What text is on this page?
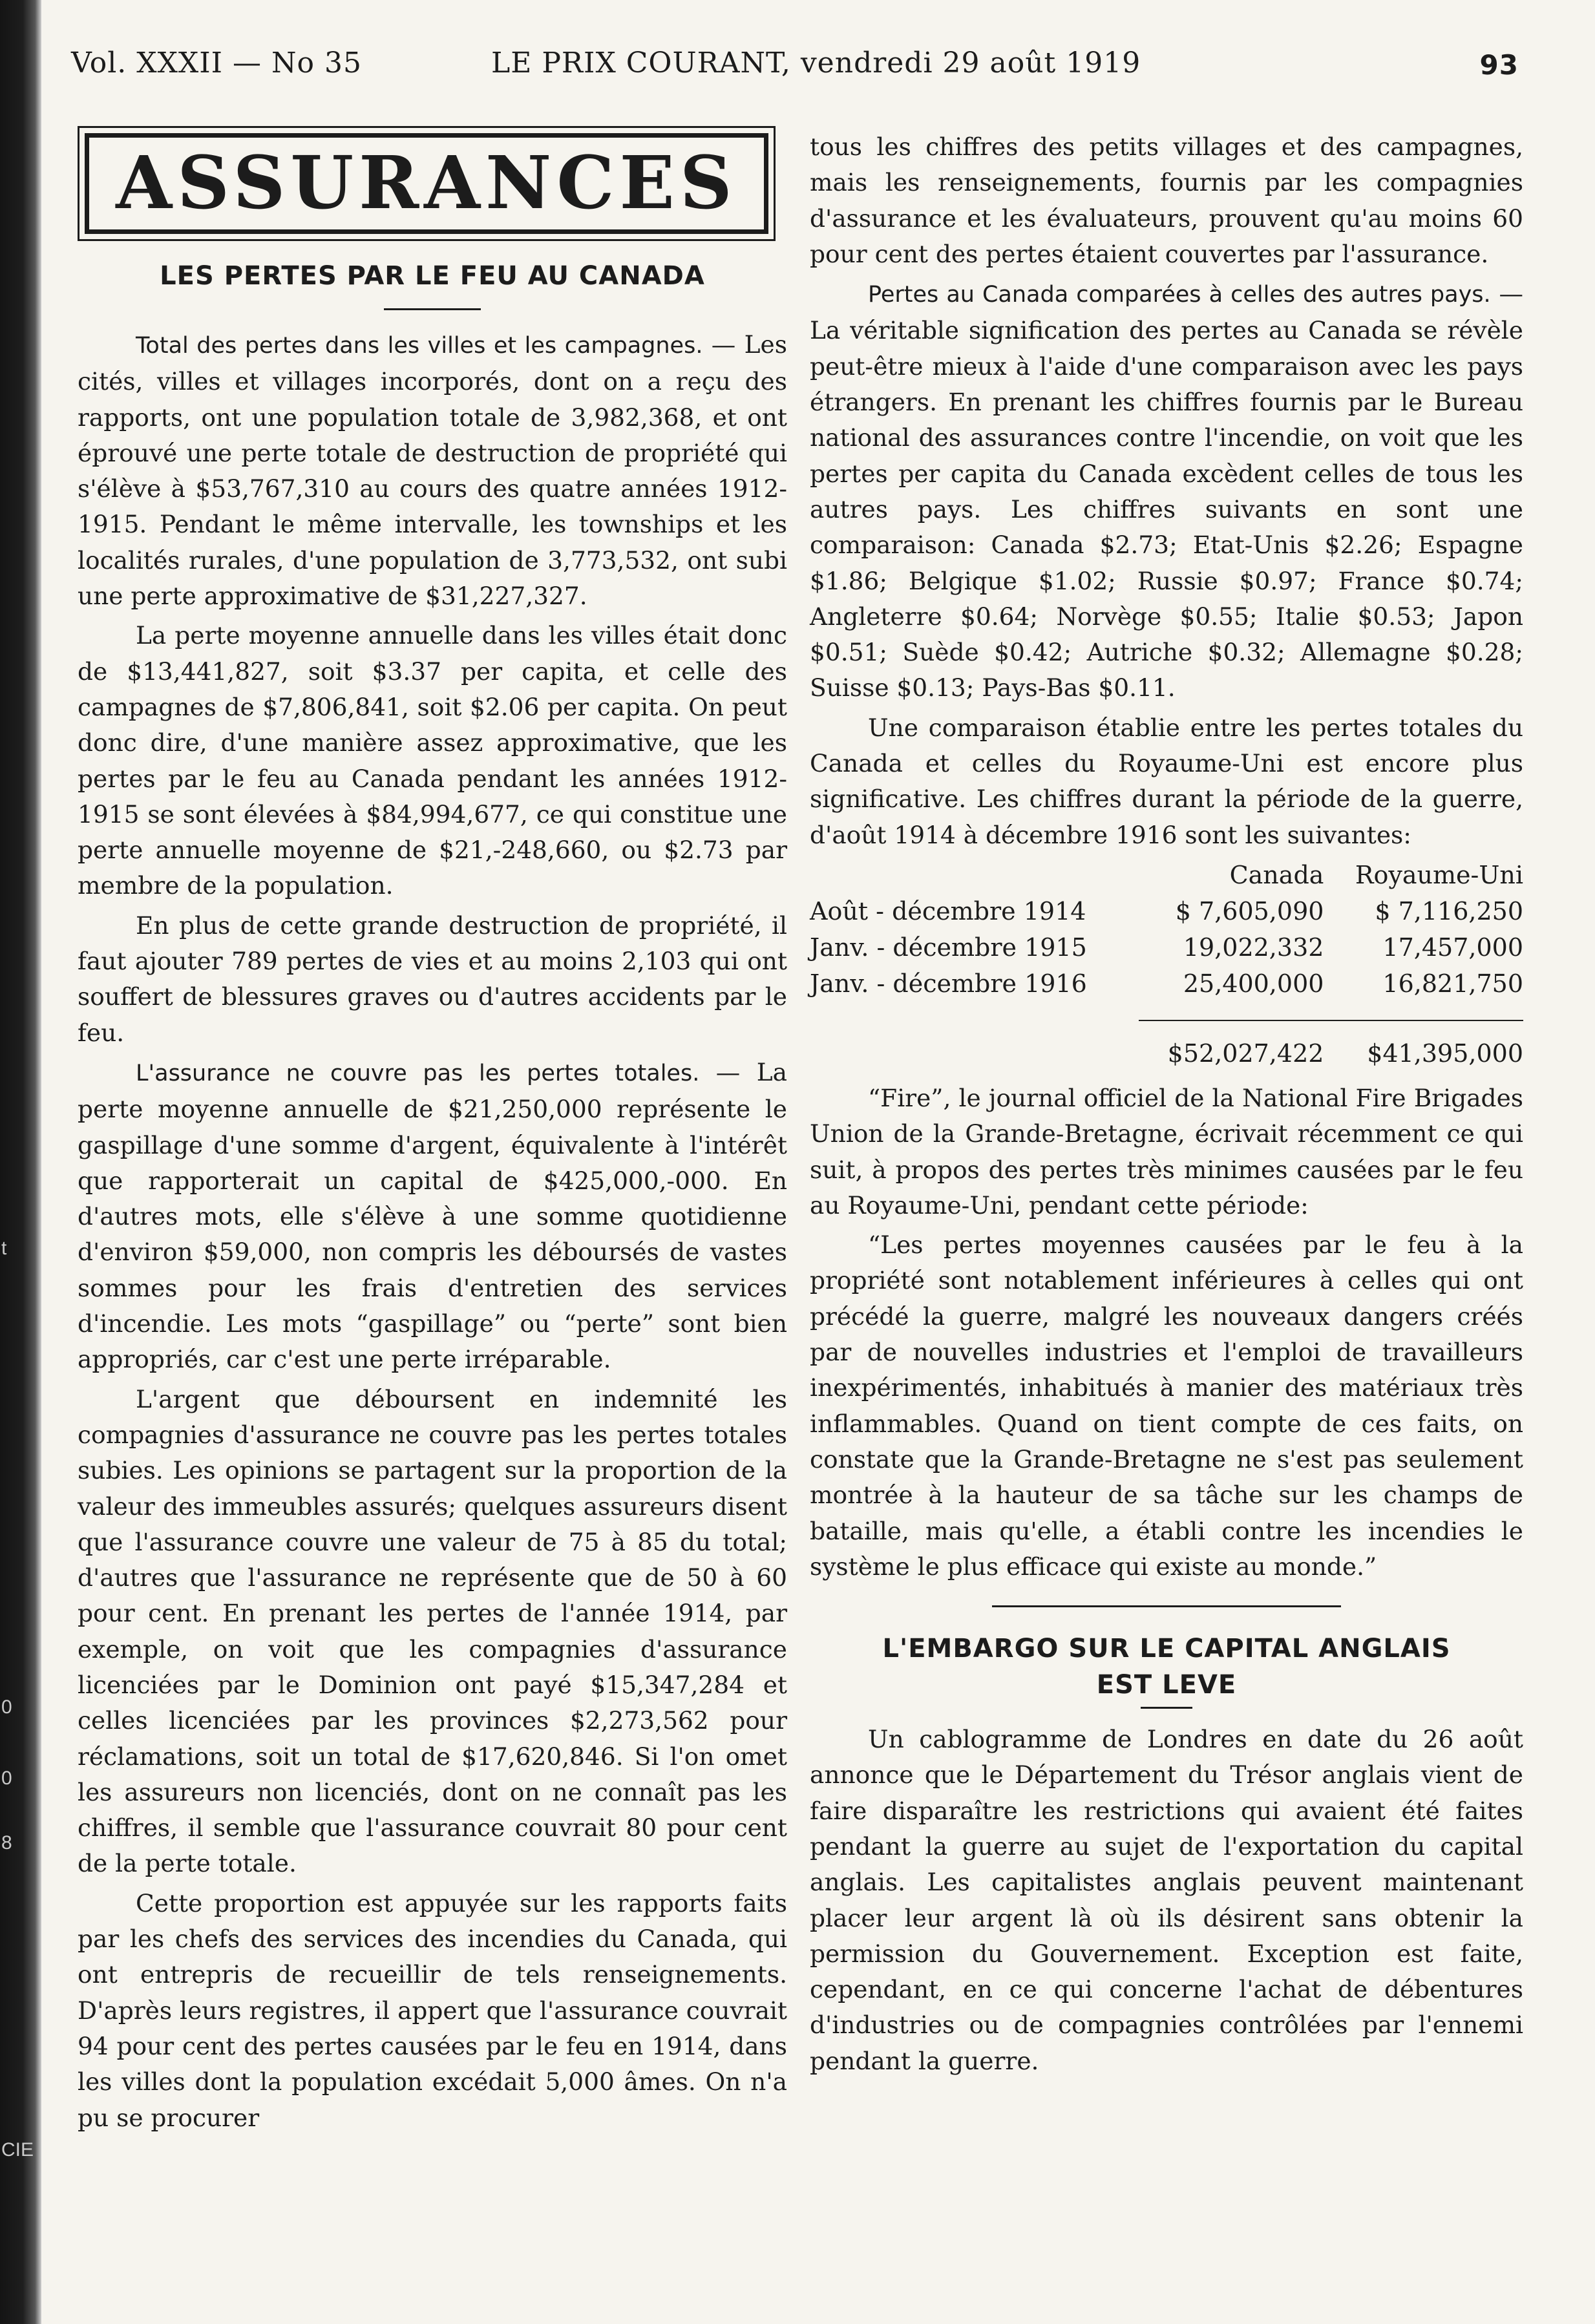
t
0
0
8
CIE
Vol. XXXII — No 35	LE PRIX COURANT, vendredi 29 août 1919	93
ASSURANCES
LES PERTES PAR LE FEU AU CANADA

Total des pertes dans les villes et les campagnes. — Les cités, villes et villages incorporés, dont on a reçu des rapports, ont une population totale de 3,982,368, et ont éprouvé une perte totale de destruction de propriété qui s'élève à $53,767,310 au cours des quatre années 1912-1915. Pendant le même intervalle, les townships et les localités rurales, d'une population de 3,773,532, ont subi une perte approximative de $31,227,327.

La perte moyenne annuelle dans les villes était donc de $13,441,827, soit $3.37 per capita, et celle des campagnes de $7,806,841, soit $2.06 per capita. On peut donc dire, d'une manière assez approximative, que les pertes par le feu au Canada pendant les années 1912-1915 se sont élevées à $84,994,677, ce qui constitue une perte annuelle moyenne de $21,-248,660, ou $2.73 par membre de la population.

En plus de cette grande destruction de propriété, il faut ajouter 789 pertes de vies et au moins 2,103 qui ont souffert de blessures graves ou d'autres accidents par le feu.

L'assurance ne couvre pas les pertes totales. — La perte moyenne annuelle de $21,250,000 représente le gaspillage d'une somme d'argent, équivalente à l'intérêt que rapporterait un capital de $425,000,-000. En d'autres mots, elle s'élève à une somme quotidienne d'environ $59,000, non compris les déboursés de vastes sommes pour les frais d'entretien des services d'incendie. Les mots “gaspillage” ou “perte” sont bien appropriés, car c'est une perte irréparable.

L'argent que déboursent en indemnité les compagnies d'assurance ne couvre pas les pertes totales subies. Les opinions se partagent sur la proportion de la valeur des immeubles assurés; quelques assureurs disent que l'assurance couvre une valeur de 75 à 85 du total; d'autres que l'assurance ne représente que de 50 à 60 pour cent. En prenant les pertes de l'année 1914, par exemple, on voit que les compagnies d'assurance licenciées par le Dominion ont payé $15,347,284 et celles licenciées par les provinces $2,273,562 pour réclamations, soit un total de $17,620,846. Si l'on omet les assureurs non licenciés, dont on ne connaît pas les chiffres, il semble que l'assurance couvrait 80 pour cent de la perte totale.

Cette proportion est appuyée sur les rapports faits par les chefs des services des incendies du Canada, qui ont entrepris de recueillir de tels renseignements. D'après leurs registres, il appert que l'assurance couvrait 94 pour cent des pertes causées par le feu en 1914, dans les villes dont la population excédait 5,000 âmes. On n'a pu se procurer

tous les chiffres des petits villages et des campagnes, mais les renseignements, fournis par les compagnies d'assurance et les évaluateurs, prouvent qu'au moins 60 pour cent des pertes étaient couvertes par l'assurance.

Pertes au Canada comparées à celles des autres pays. — La véritable signification des pertes au Canada se révèle peut-être mieux à l'aide d'une comparaison avec les pays étrangers. En prenant les chiffres fournis par le Bureau national des assurances contre l'incendie, on voit que les pertes per capita du Canada excèdent celles de tous les autres pays. Les chiffres suivants en sont une comparaison: Canada $2.73; Etat-Unis $2.26; Espagne $1.86; Belgique $1.02; Russie $0.97; France $0.74; Angleterre $0.64; Norvège $0.55; Italie $0.53; Japon $0.51; Suède $0.42; Autriche $0.32; Allemagne $0.28; Suisse $0.13; Pays-Bas $0.11.

Une comparaison établie entre les pertes totales du Canada et celles du Royaume-Uni est encore plus significative. Les chiffres durant la période de la guerre, d'août 1914 à décembre 1916 sont les suivantes:

	Canada	Royaume-Uni
Août - décembre 1914	$ 7,605,090	$ 7,116,250
Janv. - décembre 1915	19,022,332	17,457,000
Janv. - décembre 1916	25,400,000	16,821,750

	$52,027,422	$41,395,000

“Fire”, le journal officiel de la National Fire Brigades Union de la Grande-Bretagne, écrivait récemment ce qui suit, à propos des pertes très minimes causées par le feu au Royaume-Uni, pendant cette période:

“Les pertes moyennes causées par le feu à la propriété sont notablement inférieures à celles qui ont précédé la guerre, malgré les nouveaux dangers créés par de nouvelles industries et l'emploi de travailleurs inexpérimentés, inhabitués à manier des matériaux très inflammables. Quand on tient compte de ces faits, on constate que la Grande-Bretagne ne s'est pas seulement montrée à la hauteur de sa tâche sur les champs de bataille, mais qu'elle, a établi contre les incendies le système le plus efficace qui existe au monde.”

L'EMBARGO SUR LE CAPITAL ANGLAIS
EST LEVE

Un cablogramme de Londres en date du 26 août annonce que le Département du Trésor anglais vient de faire disparaître les restrictions qui avaient été faites pendant la guerre au sujet de l'exportation du capital anglais. Les capitalistes anglais peuvent maintenant placer leur argent là où ils désirent sans obtenir la permission du Gouvernement. Exception est faite, cependant, en ce qui concerne l'achat de débentures d'industries ou de compagnies contrôlées par l'ennemi pendant la guerre.
